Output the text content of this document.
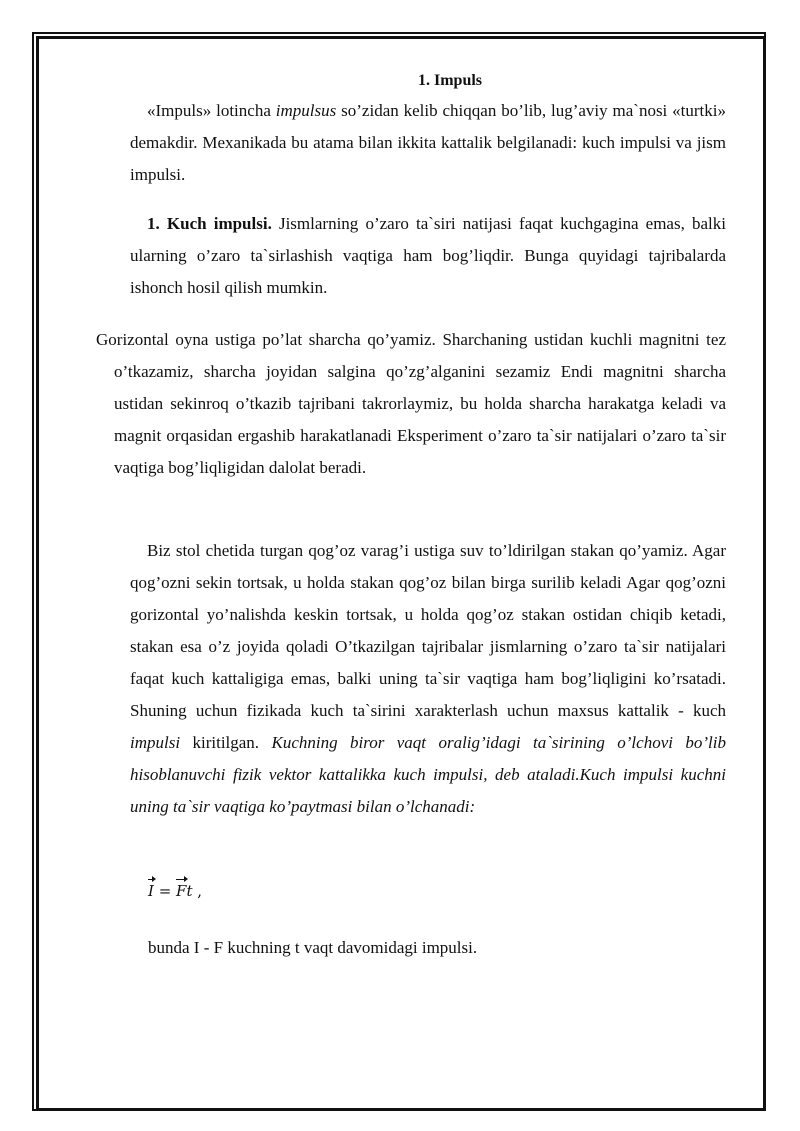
1. Impuls

«Impuls» lotincha impulsus so’zidan kelib chiqqan bo’lib, lug’aviy ma`nosi «turtki» demakdir. Mexanikada bu atama bilan ikkita kattalik belgilanadi: kuch impulsi va jism impulsi.

1. Kuch impulsi. Jismlarning o’zaro ta`siri natijasi faqat kuchgagina emas, balki ularning o’zaro ta`sirlashish vaqtiga ham bog’liqdir. Bunga quyidagi tajribalarda ishonch hosil qilish mumkin.

Gorizontal oyna ustiga po’lat sharcha qo’yamiz. Sharchaning ustidan kuchli magnitni tez o’tkazamiz, sharcha joyidan salgina qo’zg’alganini sezamiz Endi magnitni sharcha ustidan sekinroq o’tkazib tajribani takrorlaymiz, bu holda sharcha harakatga keladi va magnit orqasidan ergashib harakatlanadi Eksperiment o’zaro ta`sir natijalari o’zaro ta`sir vaqtiga bog’liqligidan dalolat beradi.

Biz stol chetida turgan qog’oz varag’i ustiga suv to’ldirilgan stakan qo’yamiz. Agar qog’ozni sekin tortsak, u holda stakan qog’oz bilan birga surilib keladi Agar qog’ozni gorizontal yo’nalishda keskin tortsak, u holda qog’oz stakan ostidan chiqib ketadi, stakan esa o’z joyida qoladi O’tkazilgan tajribalar jismlarning o’zaro ta`sir natijalari faqat kuch kattaligiga emas, balki uning ta`sir vaqtiga ham bog’liqligini ko’rsatadi. Shuning uchun fizikada kuch ta`sirini xarakterlash uchun maxsus kattalik - kuch impulsi kiritilgan. Kuchning biror vaqt oralig’idagi ta`sirining o’lchovi bo’lib hisoblanuvchi fizik vektor kattalikka kuch impulsi, deb ataladi.Kuch impulsi kuchni uning ta`sir vaqtiga ko’paytmasi bilan o’lchanadi:

I = Ft ,
bunda I - F kuchning t vaqt davomidagi impulsi.
